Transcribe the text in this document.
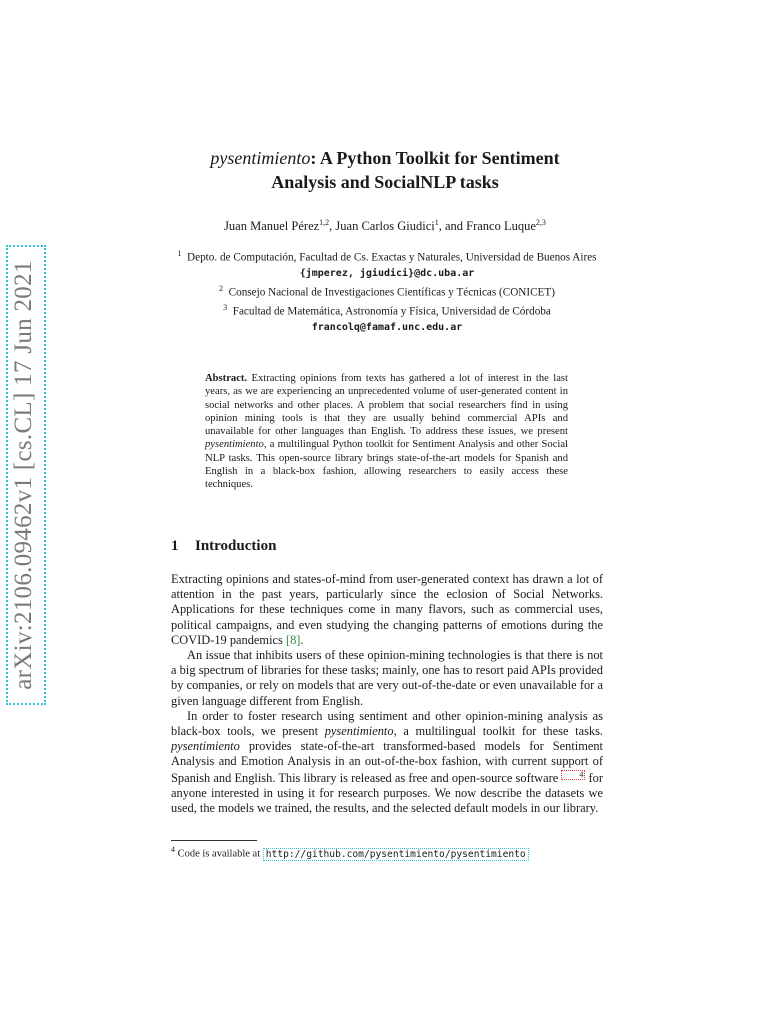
arXiv:2106.09462v1 [cs.CL] 17 Jun 2021
pysentimiento: A Python Toolkit for Sentiment
Analysis and SocialNLP tasks
Juan Manuel Pérez$^{1,2}$, Juan Carlos Giudici$^1$, and Franco Luque$^{2,3}$
$^1$ Depto. de Computación, Facultad de Cs. Exactas y Naturales, Universidad de Buenos Aires
{jmperez, jgiudici}@dc.uba.ar
$^2$ Consejo Nacional de Investigaciones Científicas y Técnicas (CONICET)
$^3$ Facultad de Matemática, Astronomía y Física, Universidad de Córdoba
francolq@famaf.unc.edu.ar
Abstract. Extracting opinions from texts has gathered a lot of interest in the last years, as we are experiencing an unprecedented volume of user-generated content in social networks and other places. A problem that social researchers find in using opinion mining tools is that they are usually behind commercial APIs and unavailable for other languages than English. To address these issues, we present pysentimiento, a multilingual Python toolkit for Sentiment Analysis and other Social NLP tasks. This open-source library brings state-of-the-art models for Spanish and English in a black-box fashion, allowing researchers to easily access these techniques.
1 Introduction

Extracting opinions and states-of-mind from user-generated context has drawn a lot of attention in the past years, particularly since the eclosion of Social Networks. Applications for these techniques come in many flavors, such as commercial uses, political campaigns, and even studying the changing patterns of emotions during the COVID-19 pandemics [8].

An issue that inhibits users of these opinion-mining technologies is that there is not a big spectrum of libraries for these tasks; mainly, one has to resort paid APIs provided by companies, or rely on models that are very out-of-the-date or even unavailable for a given language different from English.

In order to foster research using sentiment and other opinion-mining analysis as black-box tools, we present pysentimiento, a multilingual toolkit for these tasks. pysentimiento provides state-of-the-art transformed-based models for Sentiment Analysis and Emotion Analysis in an out-of-the-box fashion, with current support of Spanish and English. This library is released as free and open-source software 4 for anyone interested in using it for research purposes. We now describe the datasets we used, the models we trained, the results, and the selected default models in our library.

$^4$ Code is available at http://github.com/pysentimiento/pysentimiento
